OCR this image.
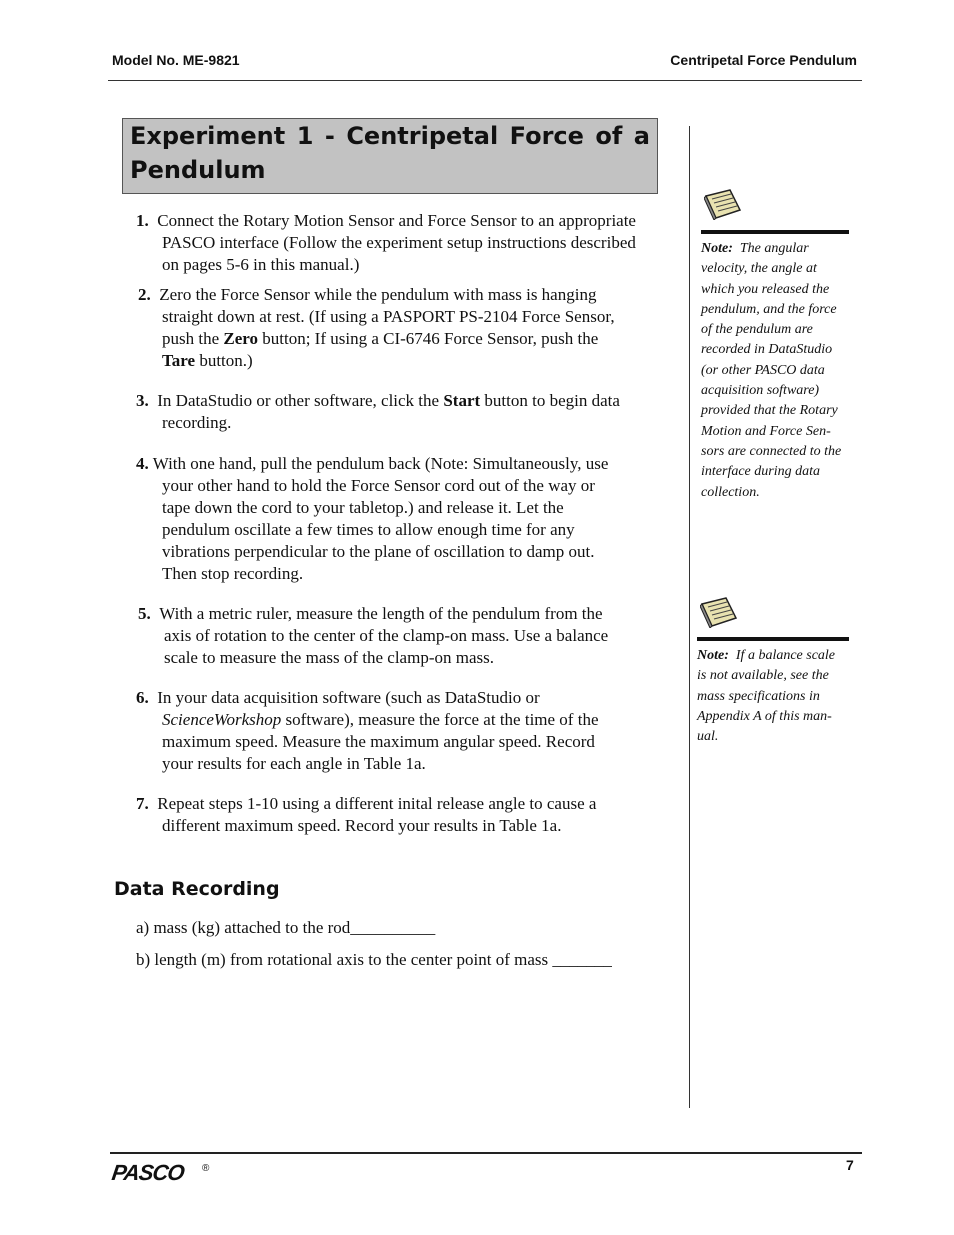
Model No. ME-9821	Centripetal Force Pendulum
Experiment 1 - Centripetal Force of a Pendulum
1. Connect the Rotary Motion Sensor and Force Sensor to an appropriate
PASCO interface (Follow the experiment setup instructions described
on pages 5-6 in this manual.)
2. Zero the Force Sensor while the pendulum with mass is hanging
straight down at rest. (If using a PASPORT PS-2104 Force Sensor,
push the Zero button; If using a CI-6746 Force Sensor, push the
Tare button.)
3. In DataStudio or other software, click the Start button to begin data
recording.
4. With one hand, pull the pendulum back (Note: Simultaneously, use
your other hand to hold the Force Sensor cord out of the way or
tape down the cord to your tabletop.) and release it. Let the
pendulum oscillate a few times to allow enough time for any
vibrations perpendicular to the plane of oscillation to damp out.
Then stop recording.
5. With a metric ruler, measure the length of the pendulum from the
axis of rotation to the center of the clamp-on mass. Use a balance
scale to measure the mass of the clamp-on mass.
6. In your data acquisition software (such as DataStudio or
ScienceWorkshop software), measure the force at the time of the
maximum speed. Measure the maximum angular speed. Record
your results for each angle in Table 1a.
7. Repeat steps 1-10 using a different inital release angle to cause a
different maximum speed. Record your results in Table 1a.
Data Recording
a) mass (kg) attached to the rod__________
b) length (m) from rotational axis to the center point of mass _______
Note: The angular
velocity, the angle at
which you released the
pendulum, and the force
of the pendulum are
recorded in DataStudio
(or other PASCO data
acquisition software)
provided that the Rotary
Motion and Force Sen-
sors are connected to the
interface during data
collection.
Note: If a balance scale
is not available, see the
mass specifications in
Appendix A of this man-
ual.
PASCO ®	7
